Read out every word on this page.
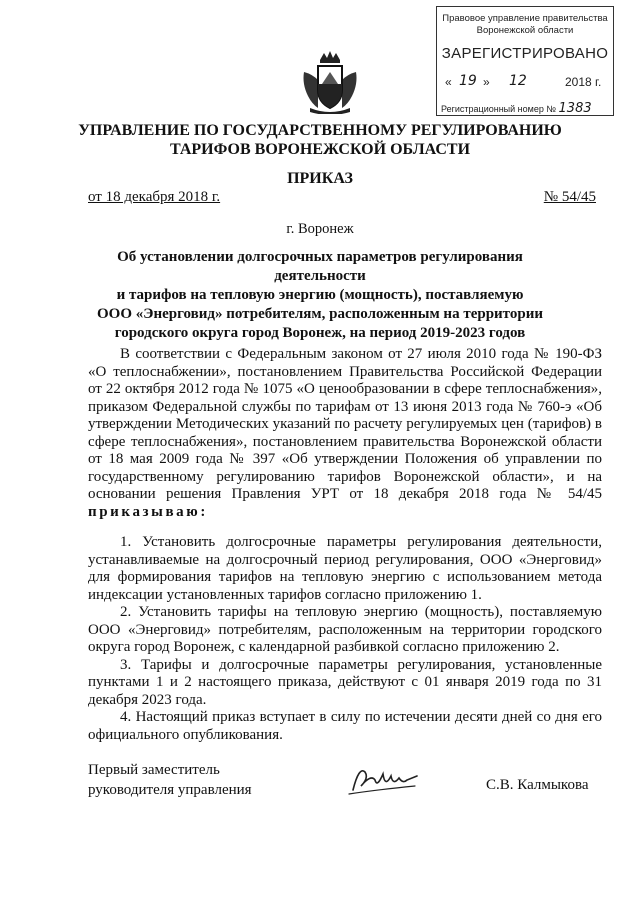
Правовое управление правительства
Воронежской области
ЗАРЕГИСТРИРОВАНО
« 19 » 12	2018 г.
Регистрационный номер № 1383
УПРАВЛЕНИЕ ПО ГОСУДАРСТВЕННОМУ РЕГУЛИРОВАНИЮ
ТАРИФОВ ВОРОНЕЖСКОЙ ОБЛАСТИ
ПРИКАЗ
от 18 декабря 2018 г.	№ 54/45
г. Воронеж
Об установлении долгосрочных параметров регулирования деятельности
и тарифов на тепловую энергию (мощность), поставляемую
ООО «Энерговид» потребителям, расположенным на территории
городского округа город Воронеж, на период 2019-2023 годов

В соответствии с Федеральным законом от 27 июля 2010 года № 190-ФЗ «О теплоснабжении», постановлением Правительства Российской Федерации от 22 октября 2012 года № 1075 «О ценообразовании в сфере теплоснабжения», приказом Федеральной службы по тарифам от 13 июня 2013 года № 760-э «Об утверждении Методических указаний по расчету регулируемых цен (тарифов) в сфере теплоснабжения», постановлением правительства Воронежской области от 18 мая 2009 года № 397 «Об утверждении Положения об управлении по государственному регулированию тарифов Воронежской области», и на основании решения Правления УРТ от 18 декабря 2018 года № 54/45 приказываю:

1. Установить долгосрочные параметры регулирования деятельности, устанавливаемые на долгосрочный период регулирования, ООО «Энерговид» для формирования тарифов на тепловую энергию с использованием метода индексации установленных тарифов согласно приложению 1.

2. Установить тарифы на тепловую энергию (мощность), поставляемую ООО «Энерговид» потребителям, расположенным на территории городского округа город Воронеж, с календарной разбивкой согласно приложению 2.

3. Тарифы и долгосрочные параметры регулирования, установленные пунктами 1 и 2 настоящего приказа, действуют с 01 января 2019 года по 31 декабря 2023 года.

4. Настоящий приказ вступает в силу по истечении десяти дней со дня его официального опубликования.

Первый заместитель
руководителя управления	С.В. Калмыкова
